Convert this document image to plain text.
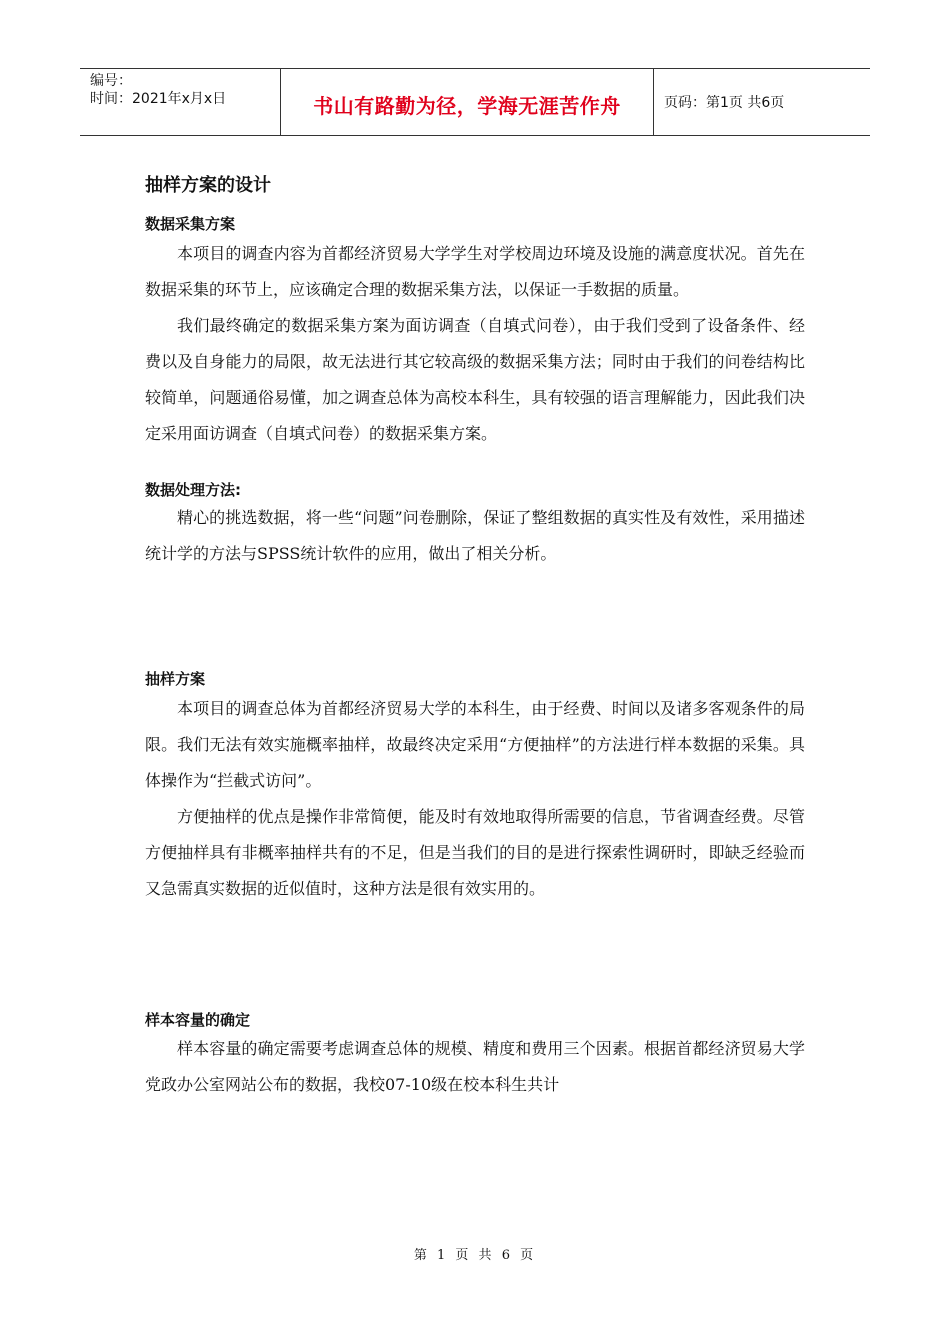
编号：
时间：2021年x月x日	书山有路勤为径，学海无涯苦作舟	页码：第1页 共6页
抽样方案的设计
数据采集方案

本项目的调查内容为首都经济贸易大学学生对学校周边环境及设施的满意度状况。首先在数据采集的环节上，应该确定合理的数据采集方法，以保证一手数据的质量。

我们最终确定的数据采集方案为面访调查（自填式问卷），由于我们受到了设备条件、经费以及自身能力的局限，故无法进行其它较高级的数据采集方法；同时由于我们的问卷结构比较简单，问题通俗易懂，加之调查总体为高校本科生，具有较强的语言理解能力，因此我们决定采用面访调查（自填式问卷）的数据采集方案。

数据处理方法:

精心的挑选数据，将一些“问题”问卷删除，保证了整组数据的真实性及有效性，采用描述统计学的方法与SPSS统计软件的应用，做出了相关分析。

抽样方案

本项目的调查总体为首都经济贸易大学的本科生，由于经费、时间以及诸多客观条件的局限。我们无法有效实施概率抽样，故最终决定采用“方便抽样”的方法进行样本数据的采集。具体操作为“拦截式访问”。

方便抽样的优点是操作非常简便，能及时有效地取得所需要的信息，节省调查经费。尽管方便抽样具有非概率抽样共有的不足，但是当我们的目的是进行探索性调研时，即缺乏经验而又急需真实数据的近似值时，这种方法是很有效实用的。

样本容量的确定

样本容量的确定需要考虑调查总体的规模、精度和费用三个因素。根据首都经济贸易大学党政办公室网站公布的数据，我校07-10级在校本科生共计

第 1 页 共 6 页
